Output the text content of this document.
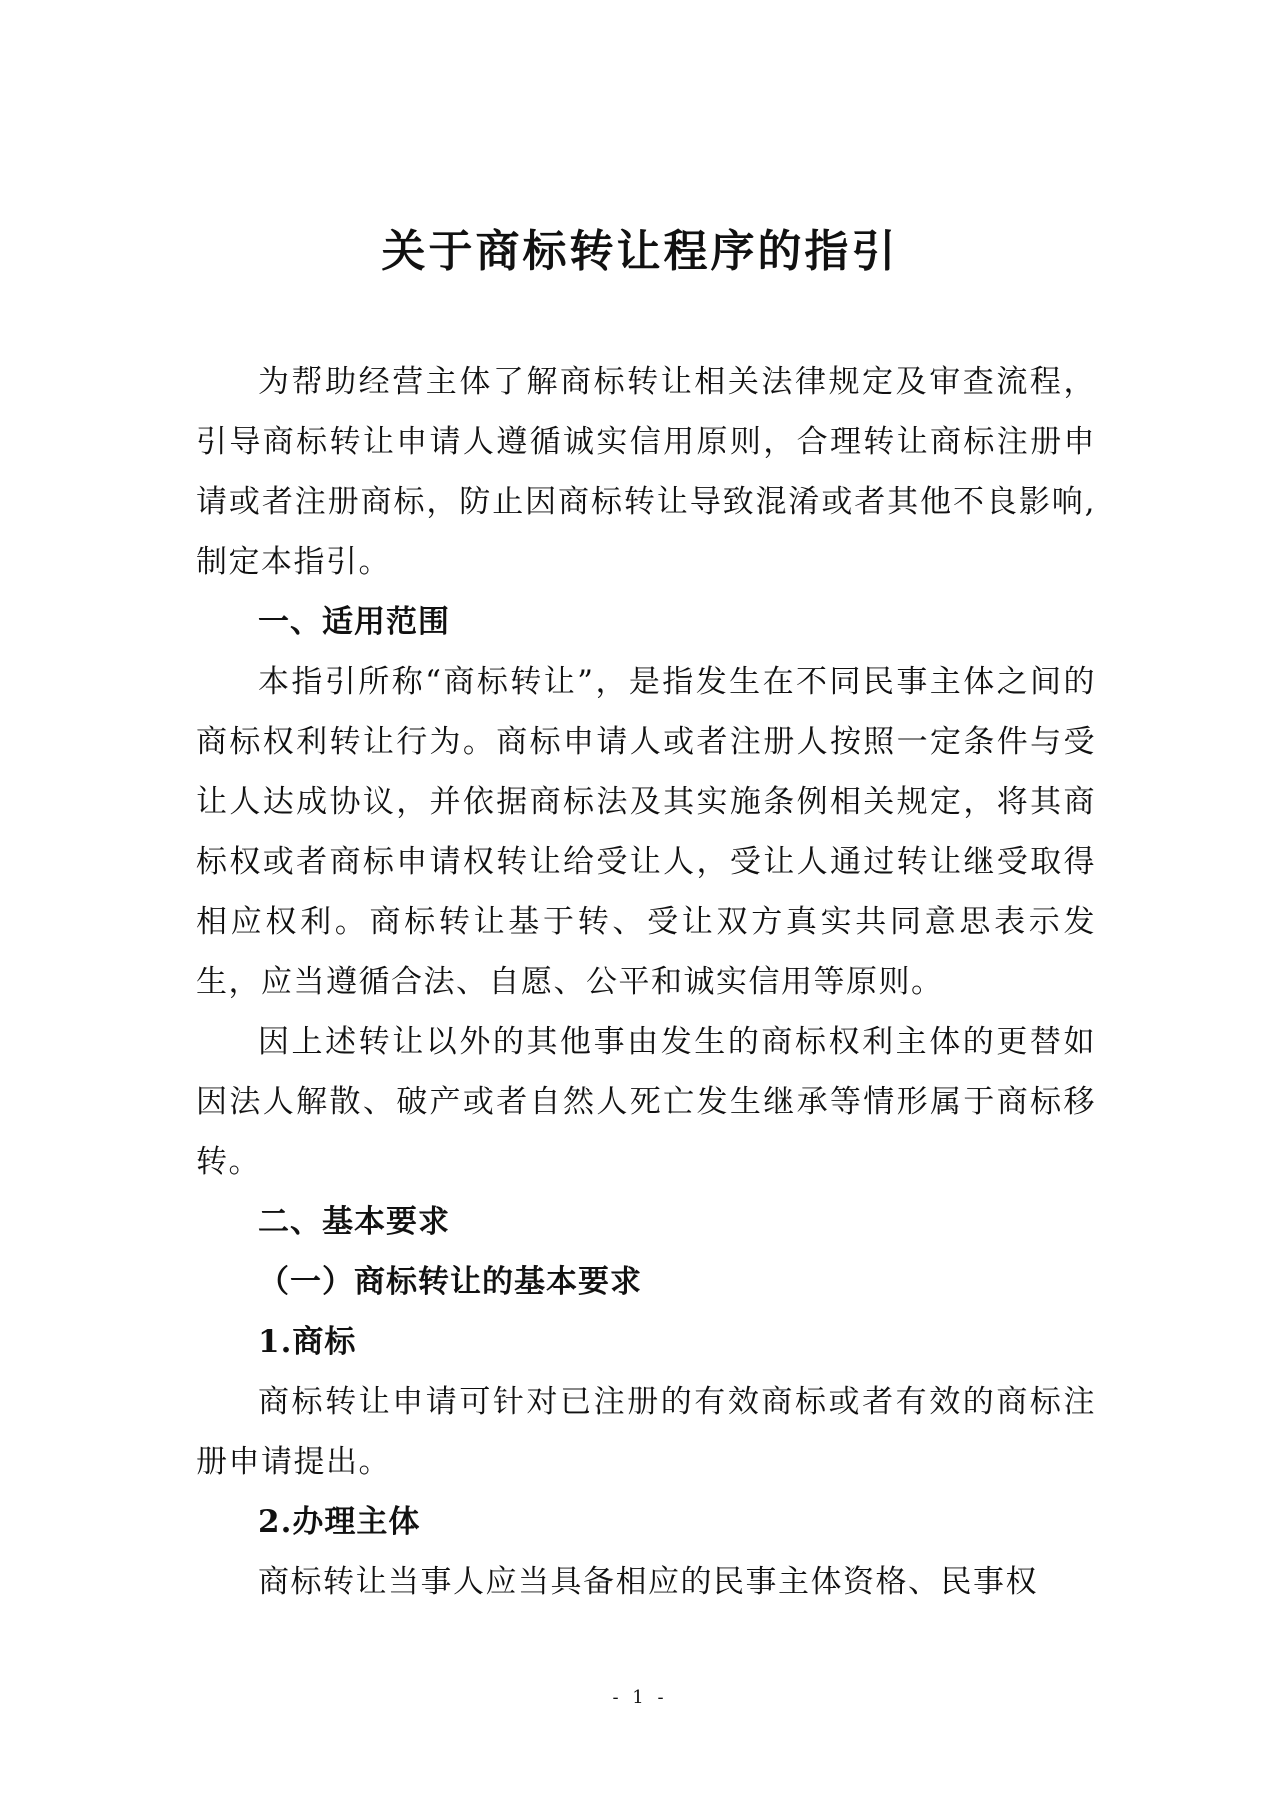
关于商标转让程序的指引

为帮助经营主体了解商标转让相关法律规定及审查流程，引导商标转让申请人遵循诚实信用原则，合理转让商标注册申请或者注册商标，防止因商标转让导致混淆或者其他不良影响,制定本指引。

一、适用范围

本指引所称“商标转让”，是指发生在不同民事主体之间的商标权利转让行为。商标申请人或者注册人按照一定条件与受让人达成协议，并依据商标法及其实施条例相关规定，将其商标权或者商标申请权转让给受让人，受让人通过转让继受取得相应权利。商标转让基于转、受让双方真实共同意思表示发生，应当遵循合法、自愿、公平和诚实信用等原则。

因上述转让以外的其他事由发生的商标权利主体的更替如因法人解散、破产或者自然人死亡发生继承等情形属于商标移转。

二、基本要求

（一）商标转让的基本要求

1.商标

商标转让申请可针对已注册的有效商标或者有效的商标注册申请提出。

2.办理主体

商标转让当事人应当具备相应的民事主体资格、民事权

- 1 -
